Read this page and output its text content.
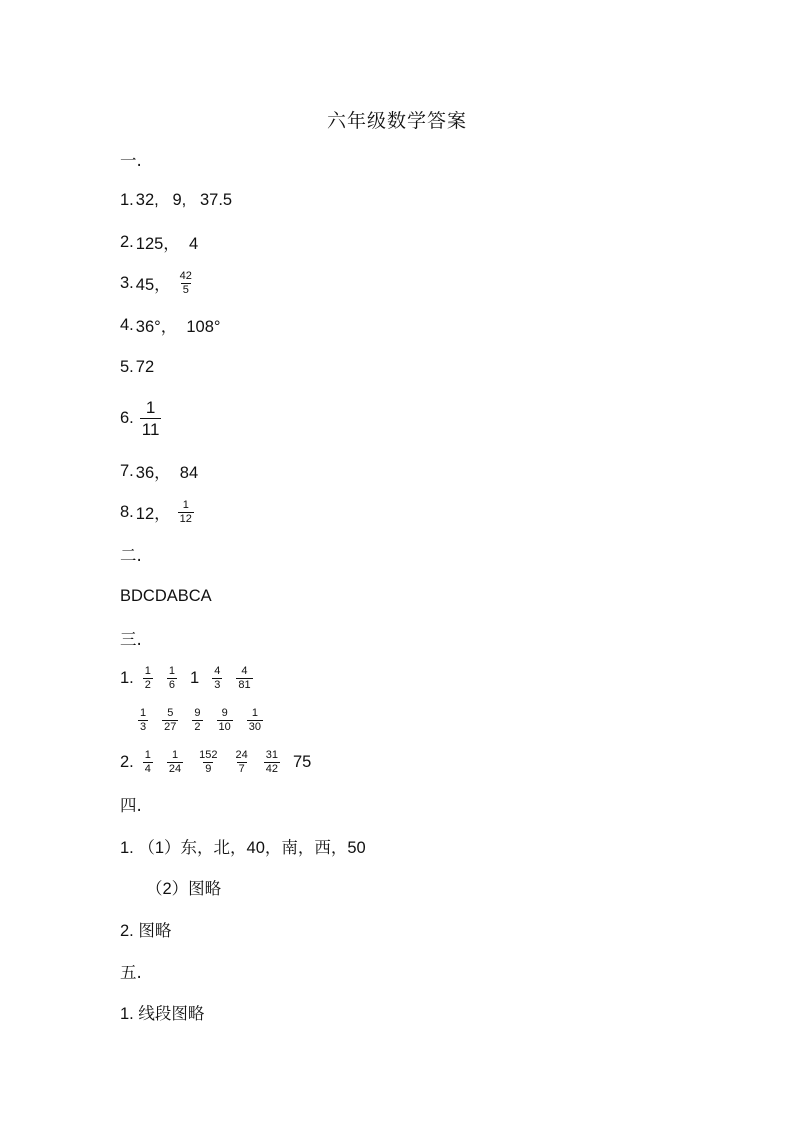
六年级数学答案
一.
1. 32,   9,   37.5
2. 125，  4
3. 45， $\frac{42}{5}$
4. 36°，  108°
5. 72
6. $\frac{1}{11}$
7. 36，  84
8. 12， $\frac{1}{12}$
二.
BDCDABCA
三.
1. $\frac{1}{2} \frac{1}{6} 1 \frac{4}{3} \frac{4}{81}$
$\frac{1}{3} \frac{5}{27} \frac{9}{2} \frac{9}{10} \frac{1}{30}$
2. $\frac{1}{4} \frac{1}{24} \frac{152}{9} \frac{24}{7} \frac{31}{42} 75$
四.
1. （1）东，北，40，南，西，50
（2）图略
2. 图略
五.
1. 线段图略
